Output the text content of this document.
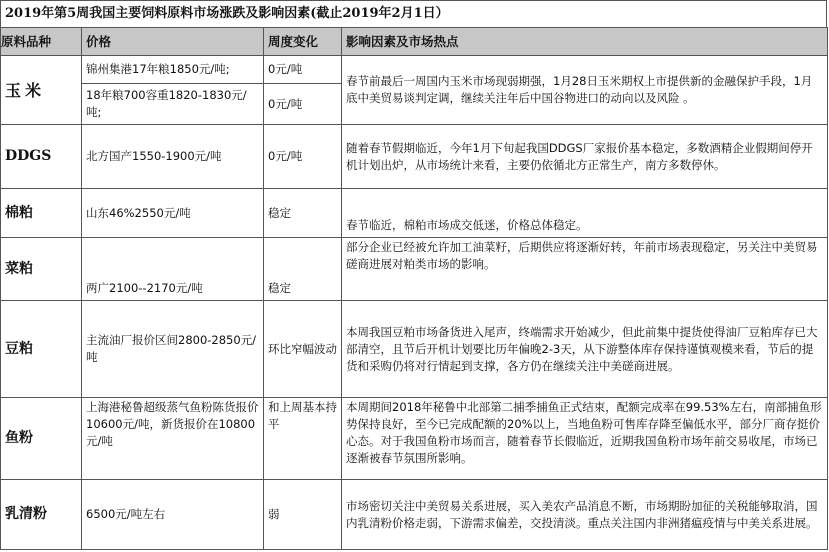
2019年第5周我国主要饲料原料市场涨跌及影响因素(截止2019年2月1日）
原料品种	价格	周度变化	影响因素及市场热点
玉米	锦州集港17年粮1850元/吨;	0元/吨	春节前最后一周国内玉米市场现弱期强，1月28日玉米期权上市提供新的金融保护手段，1月底中美贸易谈判定调，继续关注年后中国谷物进口的动向以及风险 。
	18年粮700容重1820-1830元/吨;	0元/吨	
DDGS	北方国产1550-1900元/吨	0元/吨	随着春节假期临近，今年1月下旬起我国DDGS厂家报价基本稳定，多数酒精企业假期间停开机计划出炉，从市场统计来看，主要仍依循北方正常生产，南方多数停休。
棉粕	山东46%2550元/吨	稳定	春节临近，棉粕市场成交低迷，价格总体稳定。
菜粕	两广2100--2170元/吨	稳定	部分企业已经被允许加工油菜籽，后期供应将逐渐好转，年前市场表现稳定，另关注中美贸易磋商进展对粕类市场的影响。
豆粕	主流油厂报价区间2800-2850元/吨	环比窄幅波动	本周我国豆粕市场备货进入尾声，终端需求开始减少，但此前集中提货使得油厂豆粕库存已大部清空，且节后开机计划要比历年偏晚2-3天，从下游整体库存保持谨慎观模来看，节后的提货和采购仍将对行情起到支撑，各方仍在继续关注中美磋商进展。
鱼粉	上海港秘鲁超级蒸气鱼粉陈货报价10600元/吨，新货报价在10800元/吨	和上周基本持平	本周期间2018年秘鲁中北部第二捕季捕鱼正式结束，配额完成率在99.53%左右，南部捕鱼形势保持良好，至今已完成配额的20%以上，当地鱼粉可售库存降至偏低水平，部分厂商存挺价心态。对于我国鱼粉市场而言，随着春节长假临近，近期我国鱼粉市场年前交易收尾，市场已逐渐被春节氛围所影响。
乳清粉	6500元/吨左右	弱	市场密切关注中美贸易关系进展，买入美农产品消息不断，市场期盼加征的关税能够取消，国内乳清粉价格走弱，下游需求偏差，交投清淡。重点关注国内非洲猪瘟疫情与中美关系进展。
